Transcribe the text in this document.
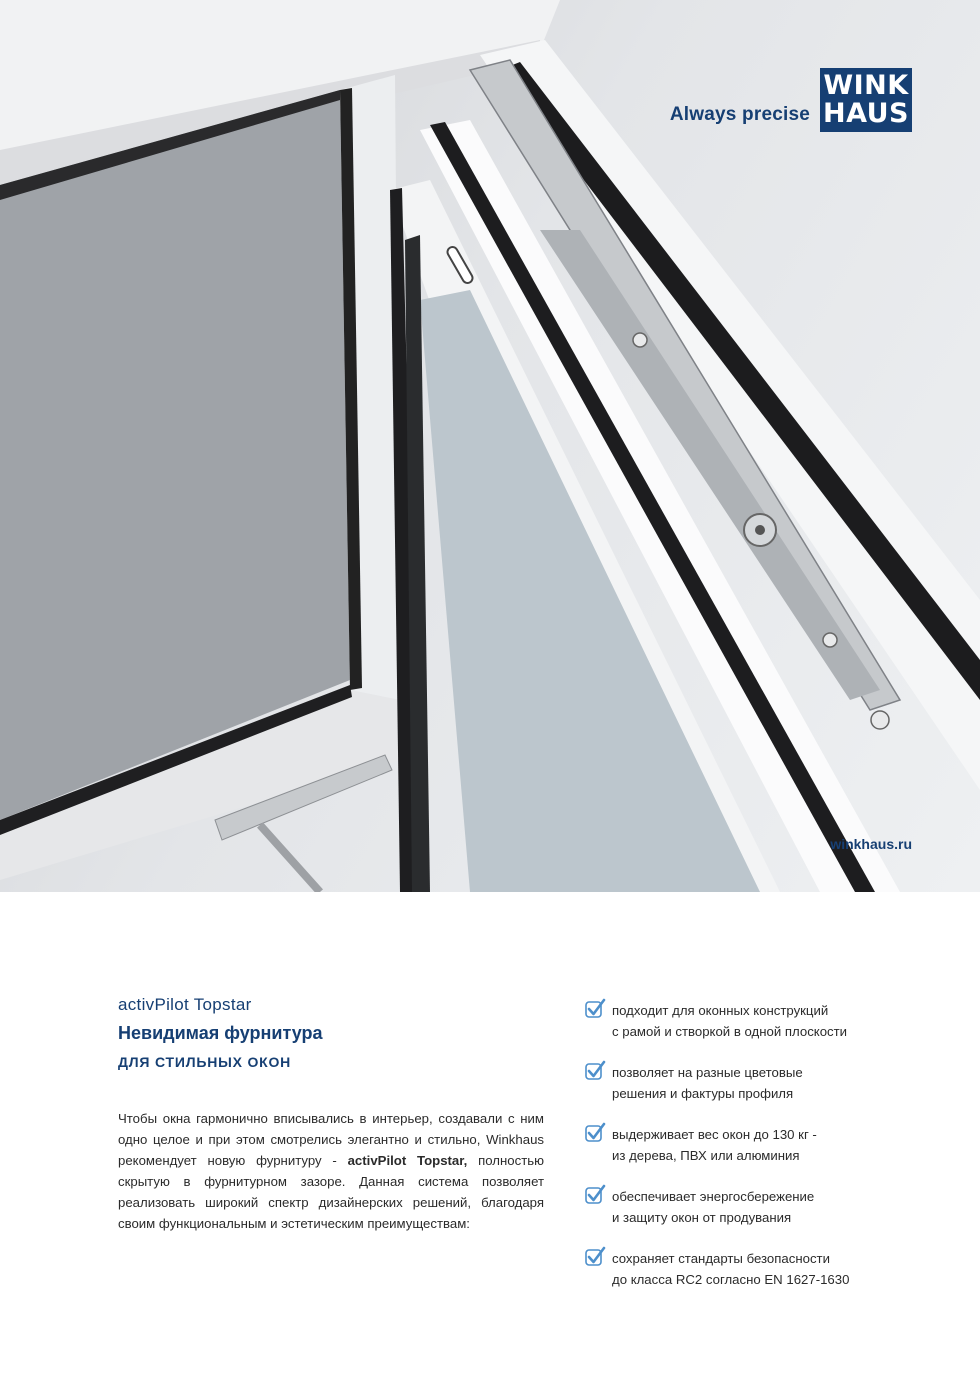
Always precise
WINK
HAUS
winkhaus.ru
activPilot Topstar
Невидимая фурнитура
ДЛЯ СТИЛЬНЫХ ОКОН
Чтобы окна гармонично вписывались в интерьер, создавали с ним одно целое и при этом смотрелись элегантно и стильно, Winkhaus рекомендует новую фурнитуру - activPilot Topstar, полностью скрытую в фурнитурном зазоре. Данная система позволяет реализовать широкий спектр дизайнерских решений, благодаря своим функциональным и эстетическим преимуществам:
подходит для оконных конструкций
с рамой и створкой в одной плоскости
позволяет на разные цветовые
решения и фактуры профиля
выдерживает вес окон до 130 кг -
из дерева, ПВХ или алюминия
обеспечивает энергосбережение
и защиту окон от продувания
сохраняет стандарты безопасности
до класса RC2 согласно EN 1627-1630
